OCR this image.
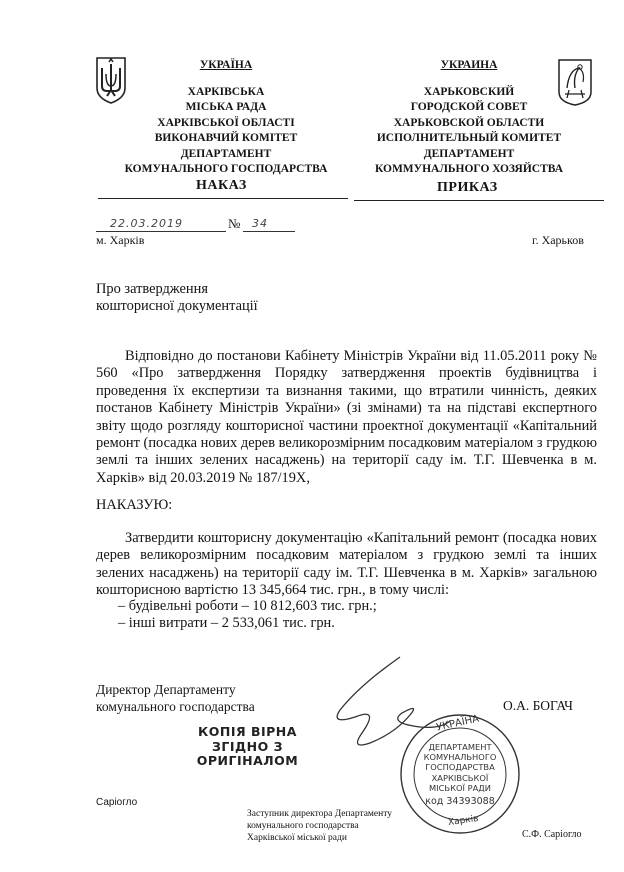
УКРАЇНА
ХАРКІВСЬКА
МІСЬКА РАДА
ХАРКІВСЬКОЇ ОБЛАСТІ
ВИКОНАВЧИЙ КОМІТЕТ
ДЕПАРТАМЕНТ
КОМУНАЛЬНОГО ГОСПОДАРСТВА
УКРАИНА
ХАРЬКОВСКИЙ
ГОРОДСКОЙ СОВЕТ
ХАРЬКОВСКОЙ ОБЛАСТИ
ИСПОЛНИТЕЛЬНЫЙ КОМИТЕТ
ДЕПАРТАМЕНТ
КОММУНАЛЬНОГО ХОЗЯЙСТВА
НАКАЗ	ПРИКАЗ
22.03.2019	№ 34
м. Харків	г. Харьков
Про затвердження
кошторисної документації
Відповідно до постанови Кабінету Міністрів України від 11.05.2011 року № 560 «Про затвердження Порядку затвердження проектів будівництва і проведення їх експертизи та визнання такими, що втратили чинність, деяких постанов Кабінету Міністрів України» (зі змінами) та на підставі експертного звіту щодо розгляду кошторисної частини проектної документації «Капітальний ремонт (посадка нових дерев великорозмірним посадковим матеріалом з грудкою землі та інших зелених насаджень) на території саду ім. Т.Г. Шевченка в м. Харків» від 20.03.2019 № 187/19Х,
НАКАЗУЮ:
Затвердити кошторисну документацію «Капітальний ремонт (посадка нових дерев великорозмірним посадковим матеріалом з грудкою землі та інших зелених насаджень) на території саду ім. Т.Г. Шевченка в м. Харків» загальною кошторисною вартістю 13 345,664 тис. грн., в тому числі:
– будівельні роботи – 10 812,603 тис. грн.;
– інші витрати – 2 533,061 тис. грн.
Директор Департаменту
комунального господарства	О.А. БОГАЧ
КОПІЯ ВІРНА
ЗГІДНО З
ОРИГІНАЛОМ
УКРАЇНА
ДЕПАРТАМЕНТ
КОМУНАЛЬНОГО
ГОСПОДАРСТВА
ХАРКІВСЬКОЇ
МІСЬКОЇ РАДИ
код 34393088
Харків
Саріогло
Заступник директора Департаменту
комунального господарства
Харківської міської ради	С.Ф. Саріогло
